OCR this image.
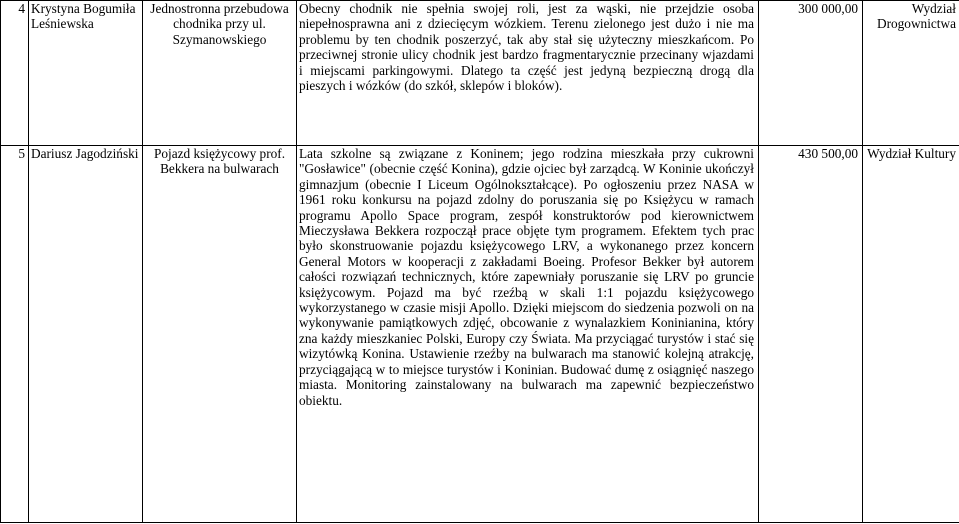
4	Krystyna Bogumiła Leśniewska	Jednostronna przebudowa chodnika przy ul. Szymanowskiego	Obecny chodnik nie spełnia swojej roli, jest za wąski, nie przejdzie osoba niepełnosprawna ani z dziecięcym wózkiem. Terenu zielonego jest dużo i nie ma problemu by ten chodnik poszerzyć, tak aby stał się użyteczny mieszkańcom. Po przeciwnej stronie ulicy chodnik jest bardzo fragmentarycznie przecinany wjazdami i miejscami parkingowymi. Dlatego ta część jest jedyną bezpieczną drogą dla pieszych i wózków (do szkół, sklepów i bloków).	300 000,00	Wydział Drogownictwa
5	Dariusz Jagodziński	Pojazd księżycowy prof. Bekkera na bulwarach	Lata szkolne są związane z Koninem; jego rodzina mieszkała przy cukrowni "Gosławice" (obecnie część Konina), gdzie ojciec był zarządcą. W Koninie ukończył gimnazjum (obecnie I Liceum Ogólnokształcące). Po ogłoszeniu przez NASA w 1961 roku konkursu na pojazd zdolny do poruszania się po Księżycu w ramach programu Apollo Space program, zespół konstruktorów pod kierownictwem Mieczysława Bekkera rozpoczął prace objęte tym programem. Efektem tych prac było skonstruowanie pojazdu księżycowego LRV, a wykonanego przez koncern General Motors w kooperacji z zakładami Boeing. Profesor Bekker był autorem całości rozwiązań technicznych, które zapewniały poruszanie się LRV po gruncie księżycowym. Pojazd ma być rzeźbą w skali 1:1 pojazdu księżycowego wykorzystanego w czasie misji Apollo. Dzięki miejscom do siedzenia pozwoli on na wykonywanie pamiątkowych zdjęć, obcowanie z wynalazkiem Koninianina, który zna każdy mieszkaniec Polski, Europy czy Świata. Ma przyciągać turystów i stać się wizytówką Konina. Ustawienie rzeźby na bulwarach ma stanowić kolejną atrakcję, przyciągającą w to miejsce turystów i Koninian. Budować dumę z osiągnięć naszego miasta. Monitoring zainstalowany na bulwarach ma zapewnić bezpieczeństwo obiektu.	430 500,00	Wydział Kultury
